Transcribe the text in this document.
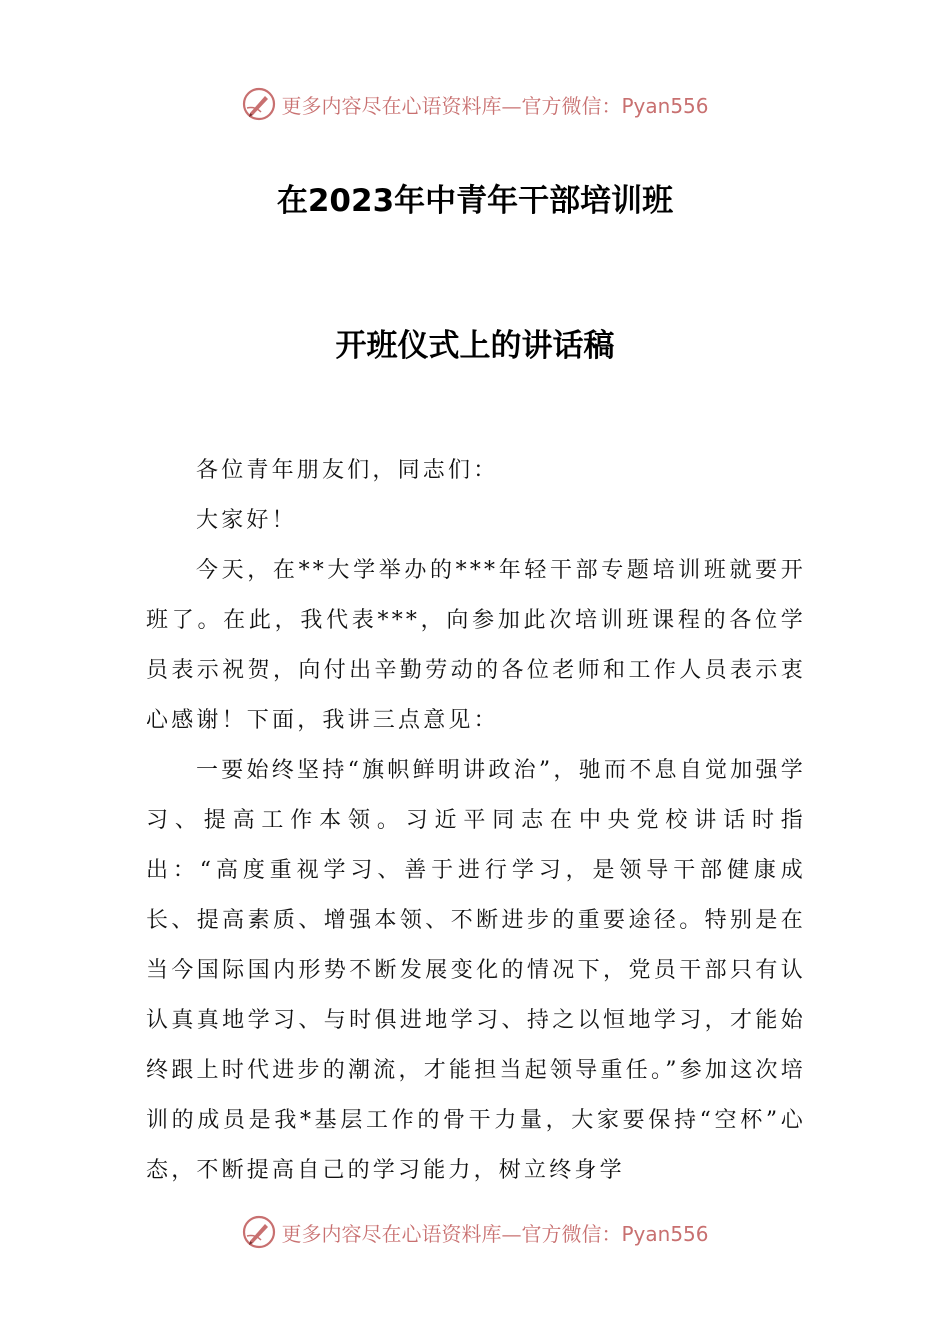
更多内容尽在心语资料库—官方微信：Pyan556
在2023年中青年干部培训班
开班仪式上的讲话稿

各位青年朋友们，同志们：

大家好！

今天，在**大学举办的***年轻干部专题培训班就要开班了。在此，我代表***，向参加此次培训班课程的各位学员表示祝贺，向付出辛勤劳动的各位老师和工作人员表示衷心感谢！下面，我讲三点意见：

一要始终坚持“旗帜鲜明讲政治”，驰而不息自觉加强学习、提高工作本领。习近平同志在中央党校讲话时指出：“高度重视学习、善于进行学习，是领导干部健康成长、提高素质、增强本领、不断进步的重要途径。特别是在当今国际国内形势不断发展变化的情况下，党员干部只有认认真真地学习、与时俱进地学习、持之以恒地学习，才能始终跟上时代进步的潮流，才能担当起领导重任。”参加这次培训的成员是我*基层工作的骨干力量，大家要保持“空杯”心态，不断提高自己的学习能力，树立终身学

更多内容尽在心语资料库—官方微信：Pyan556
